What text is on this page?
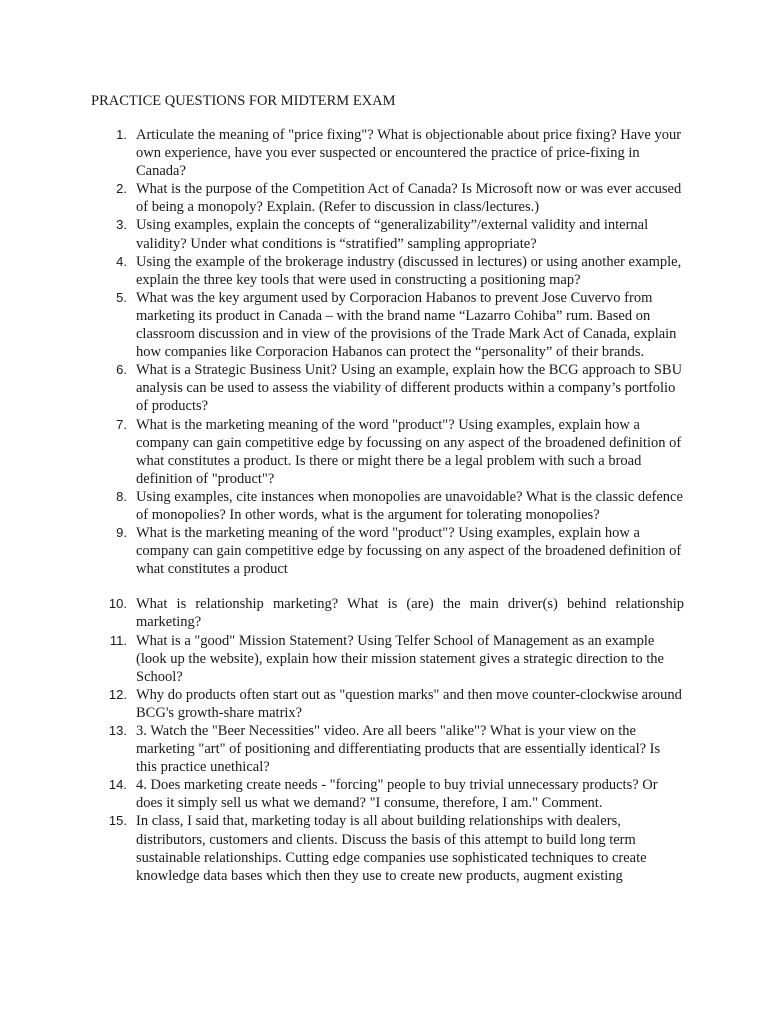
PRACTICE QUESTIONS FOR MIDTERM EXAM
1. Articulate the meaning of "price fixing"? What is objectionable about price fixing? Have your own experience, have you ever suspected or encountered the practice of price-fixing in Canada?
2. What is the purpose of the Competition Act of Canada? Is Microsoft now or was ever accused of being a monopoly? Explain. (Refer to discussion in class/lectures.)
3. Using examples, explain the concepts of “generalizability”/external validity and internal validity? Under what conditions is “stratified” sampling appropriate?
4. Using the example of the brokerage industry (discussed in lectures) or using another example, explain the three key tools that were used in constructing a positioning map?
5. What was the key argument used by Corporacion Habanos to prevent Jose Cuvervo from marketing its product in Canada – with the brand name “Lazarro Cohiba” rum. Based on classroom discussion and in view of the provisions of the Trade Mark Act of Canada, explain how companies like Corporacion Habanos can protect the “personality” of their brands.
6. What is a Strategic Business Unit? Using an example, explain how the BCG approach to SBU analysis can be used to assess the viability of different products within a company’s portfolio of products?
7. What is the marketing meaning of the word "product"? Using examples, explain how a company can gain competitive edge by focussing on any aspect of the broadened definition of what constitutes a product. Is there or might there be a legal problem with such a broad definition of "product"?
8. Using examples, cite instances when monopolies are unavoidable? What is the classic defence of monopolies? In other words, what is the argument for tolerating monopolies?
9. What is the marketing meaning of the word "product"? Using examples, explain how a company can gain competitive edge by focussing on any aspect of the broadened definition of what constitutes a product
10. What is relationship marketing? What is (are) the main driver(s) behind relationship marketing?
11. What is a "good" Mission Statement? Using Telfer School of Management as an example (look up the website), explain how their mission statement gives a strategic direction to the School?
12. Why do products often start out as "question marks" and then move counter-clockwise around BCG's growth-share matrix?
13. 3. Watch the "Beer Necessities" video. Are all beers "alike"? What is your view on the marketing "art" of positioning and differentiating products that are essentially identical? Is this practice unethical?
14. 4. Does marketing create needs - "forcing" people to buy trivial unnecessary products? Or does it simply sell us what we demand? "I consume, therefore, I am." Comment.
15. In class, I said that, marketing today is all about building relationships with dealers, distributors, customers and clients. Discuss the basis of this attempt to build long term sustainable relationships. Cutting edge companies use sophisticated techniques to create knowledge data bases which then they use to create new products, augment existing
